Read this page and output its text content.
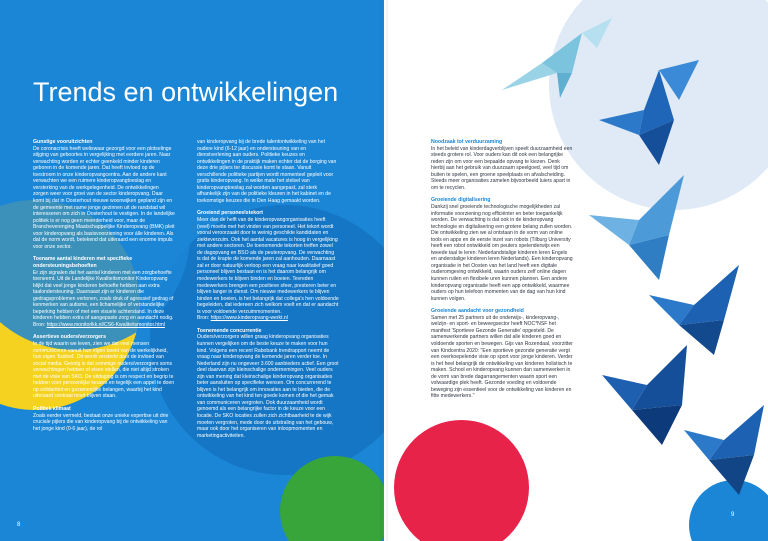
Trends en ontwikkelingen
Gunstige vooruitzichten

De coronacrisis heeft weliswaar gezorgd voor een plotselinge stijging van geboortes in vergelijking met eerdere jaren. Naar verwachting worden er echter geenkeld minder kinderen geboren in de komende jaren. Dat heeft invloed op de toestroom in onze kinderopvangcentra. Aan de andere kant verwachten we een ruimere kinderopvangtoeslag en versterking van de werkgelegenheid. De ontwikkelingen zorgen weer voor groei van de sector kinderopvang. Daar komt bij dat in Oosterhout nieuwe woonwijken gepland zijn en de gemeente met name jonge gezinnen uit de randstad wil interesseren om zich in Oosterhout te vestigen. In de landelijke politiek is er nog geen meerderheid voor, maar de Brancheverenging Maatschappelijke Kinderopvang (BMK) pleit voor kinderopvang als basisvoorziening voor álle kinderen. Als dat de norm wordt, betekend dat uiteraard een enorme impuls voor onze sector.

Toename aantal kinderen met specifieke ondersteuningsbehoeften

Er zijn signalen dat het aantal kinderen met een zorgbehoefte toeneemt. Uit de Landelijke Kwaliteitsmonitor Kinderopvang blijkt dat veel jonge kinderen behoefte hebben aan extra taalondersteuning. Daarnaast zijn er kinderen die gedragsproblemen vertonen, zoals druk of agressief gedrag of kenmerken van autisme, een lichamelijke of verstandelijke beperking hebben of met een visuele achterstand. In deze kinderen hebben extra of aangepaste zorg en aandacht nodig.
Bron: https://www.monitorlkk.nl/CS6-Kwaliteitsmonitor.html

Assertieve ouders/verzorgers

In de tijd waarin we leven, zien we dat veel mensen communiceren vanuit hun eigen beeld van de werkelijkheid, hun eigen 'bubbel'. Dit wordt versterkt door de invloed van social media. Gevolg is dat sommige ouders/verzorgers soms verwachtingen hebben of eisen stellen, die niet altijd stroken met de visie van SKO. De uitdaging is om respect en begrip te hebben voor persoonlijke keuzes en tegelijk een appel te doen op solidariteit en gezamenlijke belangen, waarbij het kind uiteraard centraal moet blijven staan.

Politiek klimaat

Zoals eerder vermeld, bestaat onze unieke expertise uit drie cruciale pijlers die van kinderopvang bij de ontwikkeling van het jonge kind (0-6 jaar), de rol

van kinderopvang bij de brede talentontwikkeling van het oudere kind (6-12 jaar) en ondersteuning van en dienstverlening aan ouders. Politieke keuzes en ontwikkelingen in de praktijk maken echter dat de borging van deze drie pijlers ter discussie komt te staan. Vanuit verschillende politieke partijen wordt momenteel gepleit voor gratis kinderopvang. In welke mate het stelsel van kinderopvangtoeslag zal worden aangepast, zal sterk afhankelijk zijn van de politieke kleuren in het kabinet en de toekomstige keuzes die in Den Haag gemaakt worden.

Groeiend personeelstekort

Meer dan de helft van de kinderopvangorganisaties heeft (veel) moeite met het vinden van personeel. Het tekort wordt vooral veroorzaakt door te weinig geschikte kandidaten en ziekteverzuim. Ook het aantal vacatures is hoog in vergelijking met andere sectoren. De toenemende tekorten treffen zowel de dagopvang en BSO als de peuteropvang. De verwachting is dat de krapte de komende jaren zal aanhouden. Daarnaast zal er door natuurlijk verloop een vraag naar kwalitatief goed personeel blijven bestaan en is het daarom belangrijk om medewerkers te blijven binden en boeien. Tevreden medewerkers brengen een positieve sfeer, presteren beter en blijven langer in dienst. Om nieuwe medewerkers te blijven binden en boeien, is het belangrijk dat collega's hen voldoende begeleiden, dat iedereen zich welkom voelt en dat er aandacht is voor voldoende verzuimmomenten.
Bron: https://www.kinderopvang-werkt.nl

Toenemende concurrentie

Ouders/verzorgers willen graag kinderopvang organisaties kunnen vergelijken om de beste keuze te maken voor hun kind. Volgens een recent Rabobank trendrapport neemt de vraag naar kinderopvang de komende jaren verder toe. In Nederland zijn nu ongeveer 3.600 aanbieders actief. Een groot deel daarvan zijn kleinschalige ondernemingen. Veel ouders zijn van mening dat kleinschalige kinderopvang organisaties beter aansluiten op specifieke wensen. Om concurrerend te blijven is het belangrijk om innovaties aan te bieden, die de ontwikkeling van het kind ten goede komen of die het gemak van communiceren vergroten. Ook duurzaamheid wordt genoemd als een belangrijke factor in de keuze voor een locatie. De SKO locaties zullen zich zichtbaarheid te de wijk moeten vergroten, mede door de uitstraling van het gebouw, maar ook door het organiseren van inloopmomenten en marketingactiviteiten.

8
Noodzaak tot verduurzaming

In het beleid van kinderdagverblijven speelt duurzaamheid een steeds grotere rol. Voor ouders kan dit ook een belangrijke reden zijn om voor een bepaalde opvang te kiezen. Denk hierbij aan het gebruik van duurzaam speelgoed, veel tijd om buiten te spelen, een groene speelplaats en afvalscheiding. Steeds meer organisaties zamelen bijvoorbeeld luiers apart in om te recyclen.

Groeiende digitalisering

Dankzij snel groeiende technologische mogelijkheden zal informatie voorziening nog efficiënter en beter toegankelijk worden. De verwachting is dat ook in de kinderopvang technologie en digitalisering een grotere belang zullen worden. Die ontwikkeling zien we al ontstaan in de vorm van online tools en apps en de eerste inzet van robots (Tilburg University heeft een robot ontwikkeld om peuters spelenderwijs een tweede taal te leren: Nederlandstalige kinderen leren Engels en anderstalige kinderen leren Nederlands). Een kinderopvang organisatie in het Oosten van het land heeft een digitale ouderomgeving ontwikkeld, waarin ouders zelf online dagen kunnen ruilen en flexibele uren kunnen plannen. Een andere kinderopvang organisatie heeft een app ontwikkeld, waarmee ouders op hun telefoon momenten van de dag van hun kind kunnen volgen.

Groeiende aandacht voor gezondheid

Samen met 25 partners uit de onderwijs-, kinderopvang-, welzijn- en sport- en beweegsector heeft NOC*NSF het manifest 'Sportieve Gezonde Generatie' opgesteld. De samenwerkende partners willen dat alle kinderen goed en voldoende sporten en bewegen. Gijs van Rozendaal, voorzitter van Kindcentra 2020: "Een sportieve gezonde generatie vergt een overkoepelende visie op sport voor jonge kinderen. Verder is het heel belangrijk de ontwikkeling van kinderen holistisch te maken. School en kinderopvang kunnen dan samenwerken in de vorm van brede dagarrangementen waarin sport een volwaardige plek heeft. Gezonde voeding en voldoende beweging zijn essentieel voor de ontwikkeling van kinderen en fitte medewerkers."

9
